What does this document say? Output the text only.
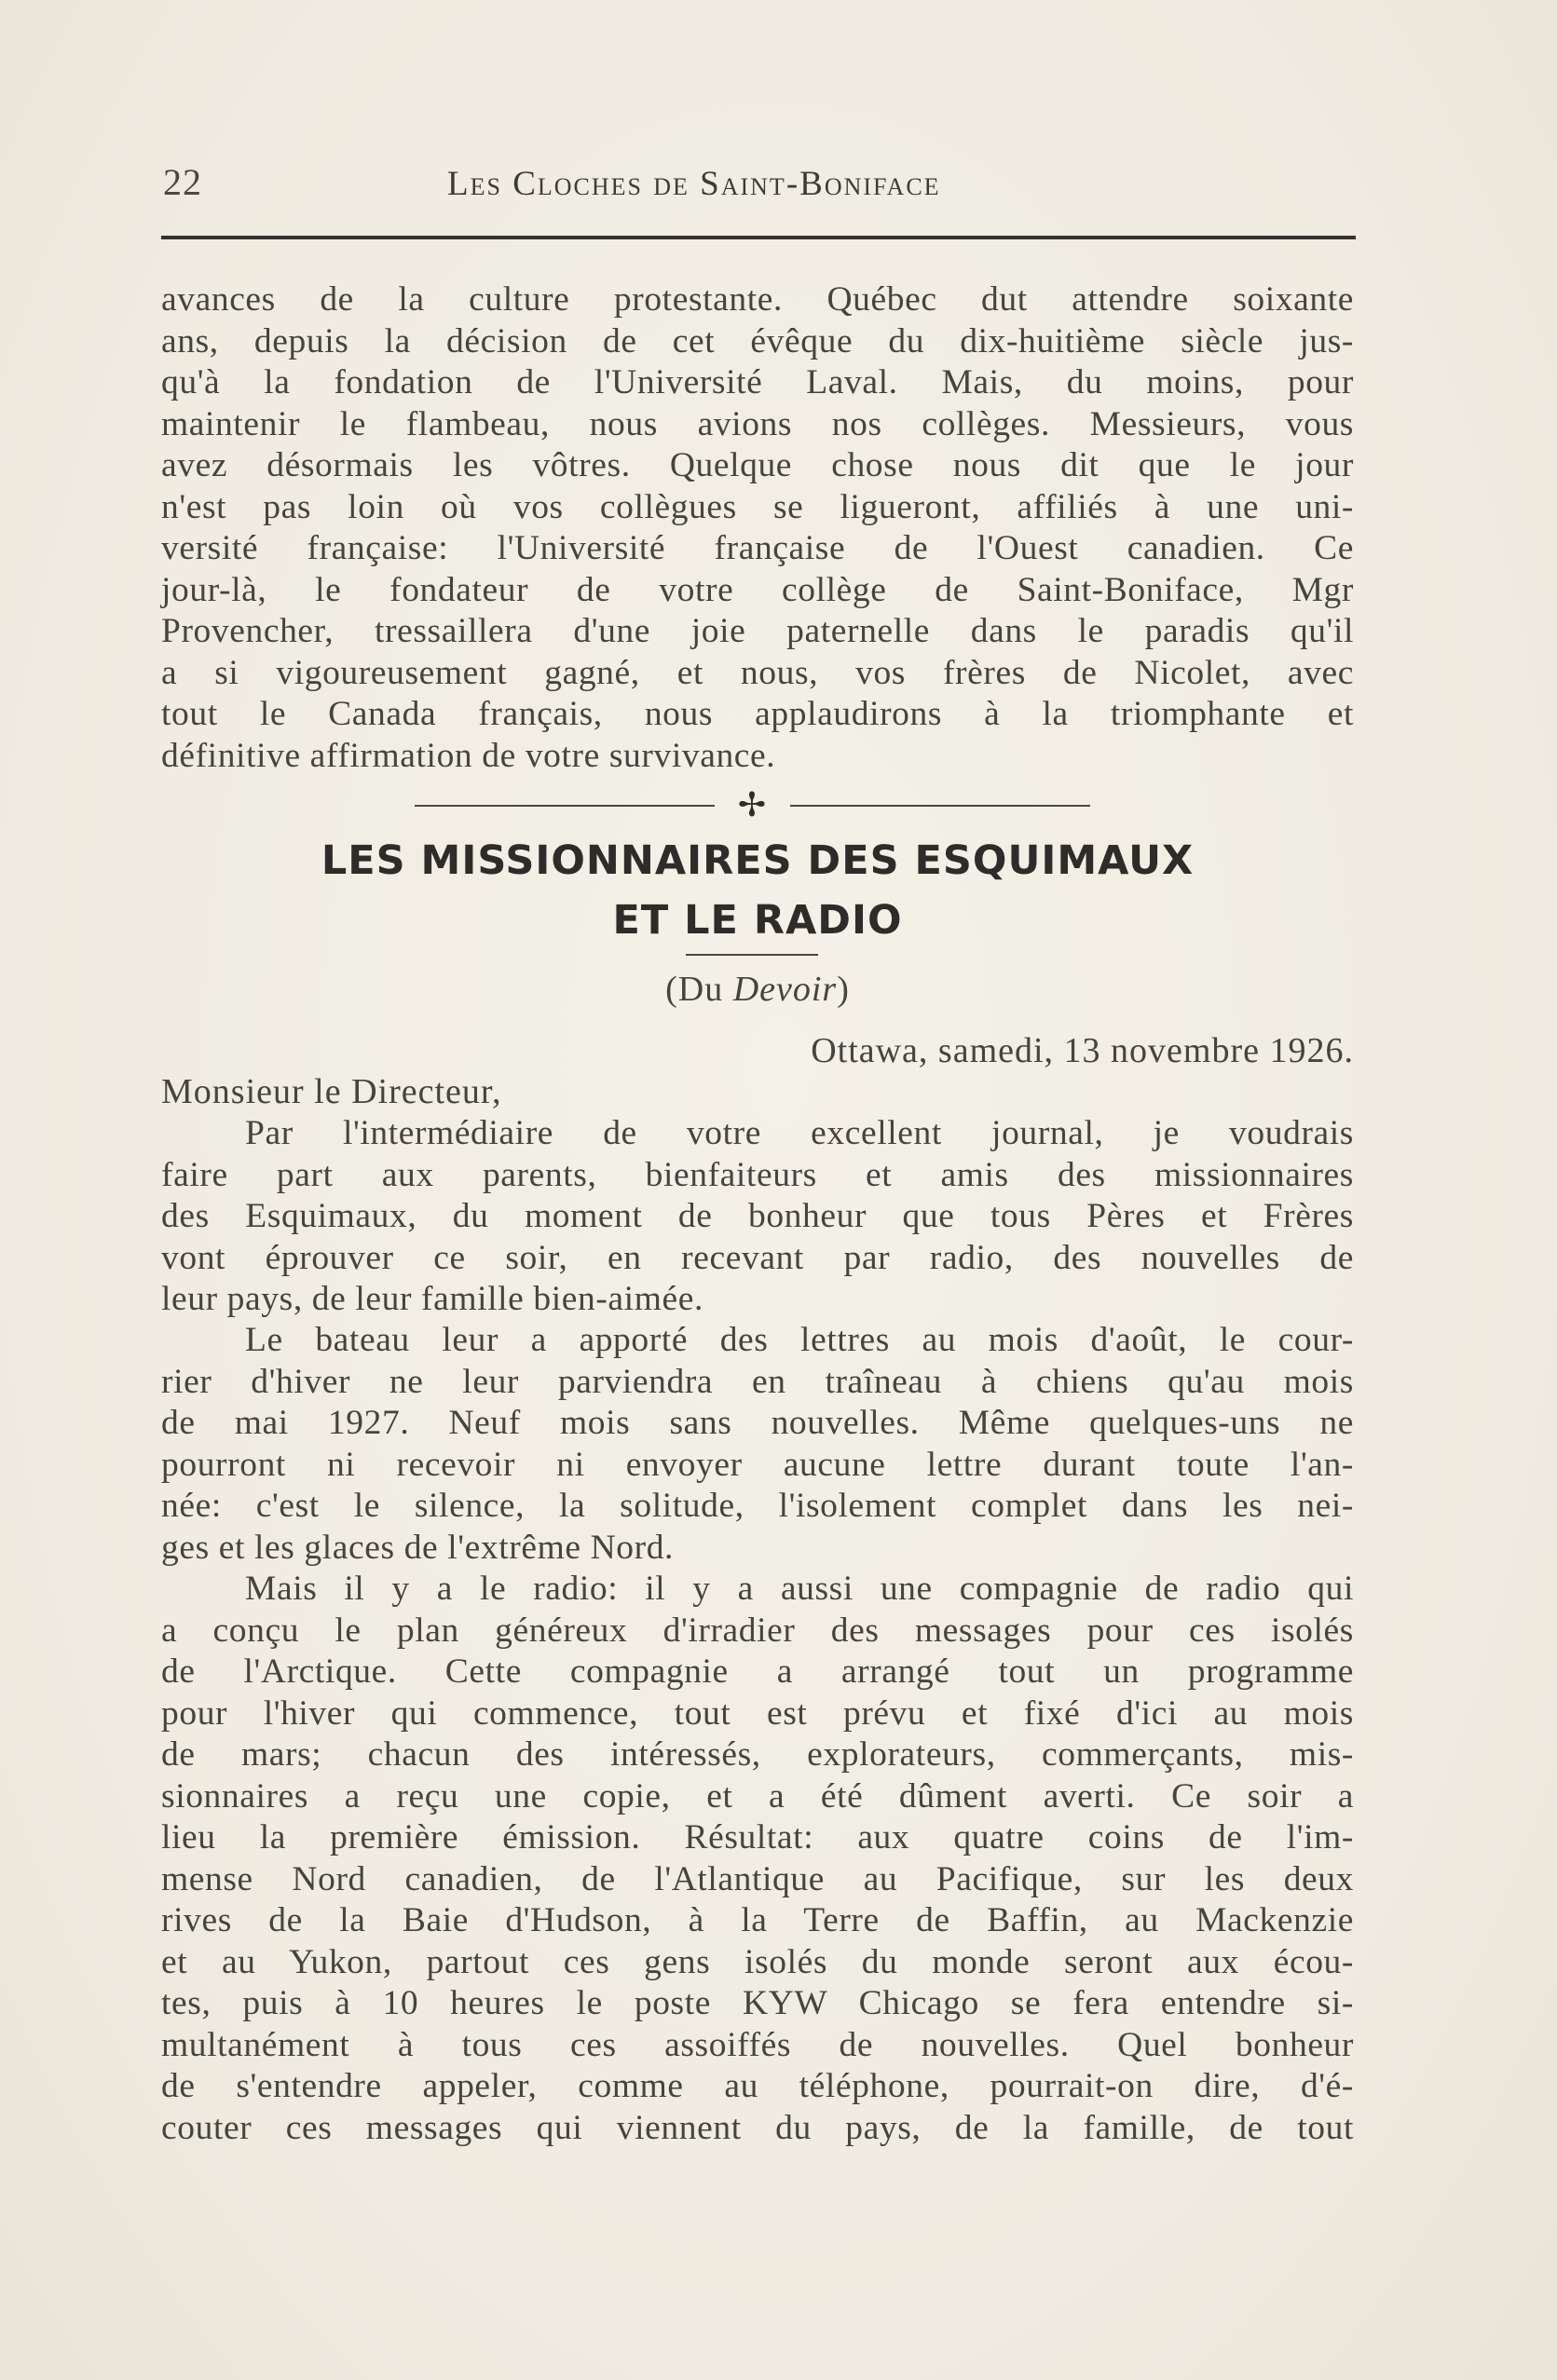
22	Les Cloches de Saint-Boniface
avances de la culture protestante. Québec dut attendre soixante
ans, depuis la décision de cet évêque du dix-huitième siècle jus-
qu'à la fondation de l'Université Laval. Mais, du moins, pour
maintenir le flambeau, nous avions nos collèges. Messieurs, vous
avez désormais les vôtres. Quelque chose nous dit que le jour
n'est pas loin où vos collègues se ligueront, affiliés à une uni-
versité française: l'Université française de l'Ouest canadien. Ce
jour-là, le fondateur de votre collège de Saint-Boniface, Mgr
Provencher, tressaillera d'une joie paternelle dans le paradis qu'il
a si vigoureusement gagné, et nous, vos frères de Nicolet, avec
tout le Canada français, nous applaudirons à la triomphante et
définitive affirmation de votre survivance.
✢
LES MISSIONNAIRES DES ESQUIMAUX
ET LE RADIO
(Du Devoir)
Ottawa, samedi, 13 novembre 1926.
Monsieur le Directeur,
Par l'intermédiaire de votre excellent journal, je voudrais
faire part aux parents, bienfaiteurs et amis des missionnaires
des Esquimaux, du moment de bonheur que tous Pères et Frères
vont éprouver ce soir, en recevant par radio, des nouvelles de
leur pays, de leur famille bien-aimée.
Le bateau leur a apporté des lettres au mois d'août, le cour-
rier d'hiver ne leur parviendra en traîneau à chiens qu'au mois
de mai 1927. Neuf mois sans nouvelles. Même quelques-uns ne
pourront ni recevoir ni envoyer aucune lettre durant toute l'an-
née: c'est le silence, la solitude, l'isolement complet dans les nei-
ges et les glaces de l'extrême Nord.
Mais il y a le radio: il y a aussi une compagnie de radio qui
a conçu le plan généreux d'irradier des messages pour ces isolés
de l'Arctique. Cette compagnie a arrangé tout un programme
pour l'hiver qui commence, tout est prévu et fixé d'ici au mois
de mars; chacun des intéressés, explorateurs, commerçants, mis-
sionnaires a reçu une copie, et a été dûment averti. Ce soir a
lieu la première émission. Résultat: aux quatre coins de l'im-
mense Nord canadien, de l'Atlantique au Pacifique, sur les deux
rives de la Baie d'Hudson, à la Terre de Baffin, au Mackenzie
et au Yukon, partout ces gens isolés du monde seront aux écou-
tes, puis à 10 heures le poste KYW Chicago se fera entendre si-
multanément à tous ces assoiffés de nouvelles. Quel bonheur
de s'entendre appeler, comme au téléphone, pourrait-on dire, d'é-
couter ces messages qui viennent du pays, de la famille, de tout
